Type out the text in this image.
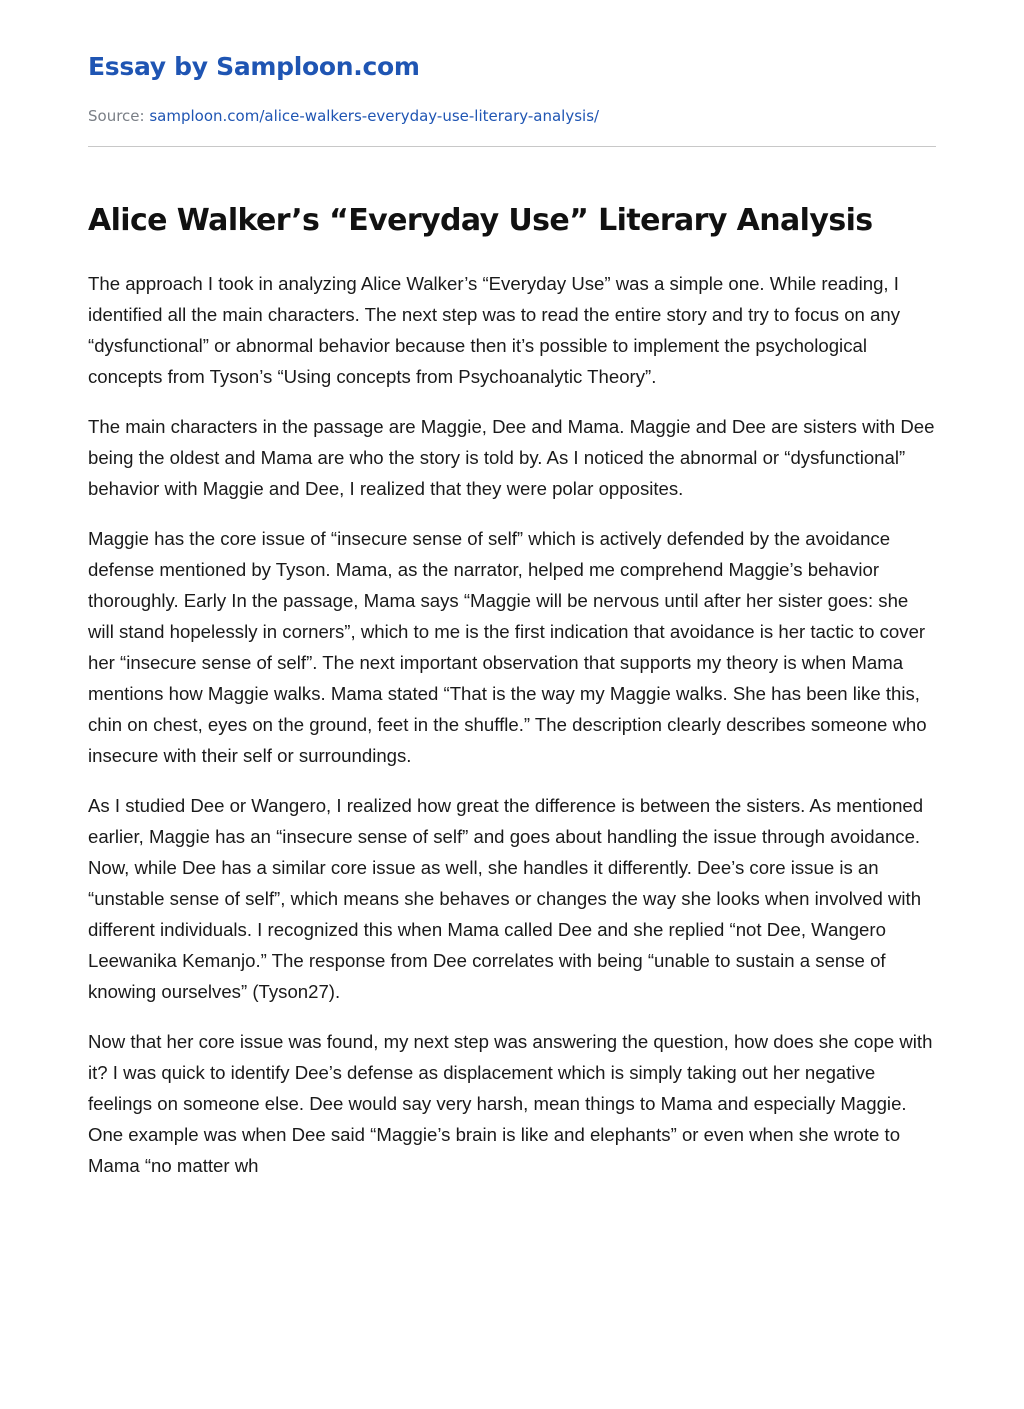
Essay by Samploon.com
Source: samploon.com/alice-walkers-everyday-use-literary-analysis/
Alice Walker’s “Everyday Use” Literary Analysis

The approach I took in analyzing Alice Walker’s “Everyday Use” was a simple one. While reading, I identified all the main characters. The next step was to read the entire story and try to focus on any “dysfunctional” or abnormal behavior because then it’s possible to implement the psychological concepts from Tyson’s “Using concepts from Psychoanalytic Theory”.

The main characters in the passage are Maggie, Dee and Mama. Maggie and Dee are sisters with Dee being the oldest and Mama are who the story is told by. As I noticed the abnormal or “dysfunctional” behavior with Maggie and Dee, I realized that they were polar opposites.

Maggie has the core issue of “insecure sense of self” which is actively defended by the avoidance defense mentioned by Tyson. Mama, as the narrator, helped me comprehend Maggie’s behavior thoroughly. Early In the passage, Mama says “Maggie will be nervous until after her sister goes: she will stand hopelessly in corners”, which to me is the first indication that avoidance is her tactic to cover her “insecure sense of self”. The next important observation that supports my theory is when Mama mentions how Maggie walks. Mama stated “That is the way my Maggie walks. She has been like this, chin on chest, eyes on the ground, feet in the shuffle.” The description clearly describes someone who insecure with their self or surroundings.

As I studied Dee or Wangero, I realized how great the difference is between the sisters. As mentioned earlier, Maggie has an “insecure sense of self” and goes about handling the issue through avoidance. Now, while Dee has a similar core issue as well, she handles it differently. Dee’s core issue is an “unstable sense of self”, which means she behaves or changes the way she looks when involved with different individuals. I recognized this when Mama called Dee and she replied “not Dee, Wangero Leewanika Kemanjo.” The response from Dee correlates with being “unable to sustain a sense of knowing ourselves” (Tyson27).

Now that her core issue was found, my next step was answering the question, how does she cope with it? I was quick to identify Dee’s defense as displacement which is simply taking out her negative feelings on someone else. Dee would say very harsh, mean things to Mama and especially Maggie. One example was when Dee said “Maggie’s brain is like and elephants” or even when she wrote to Mama “no matter wh
